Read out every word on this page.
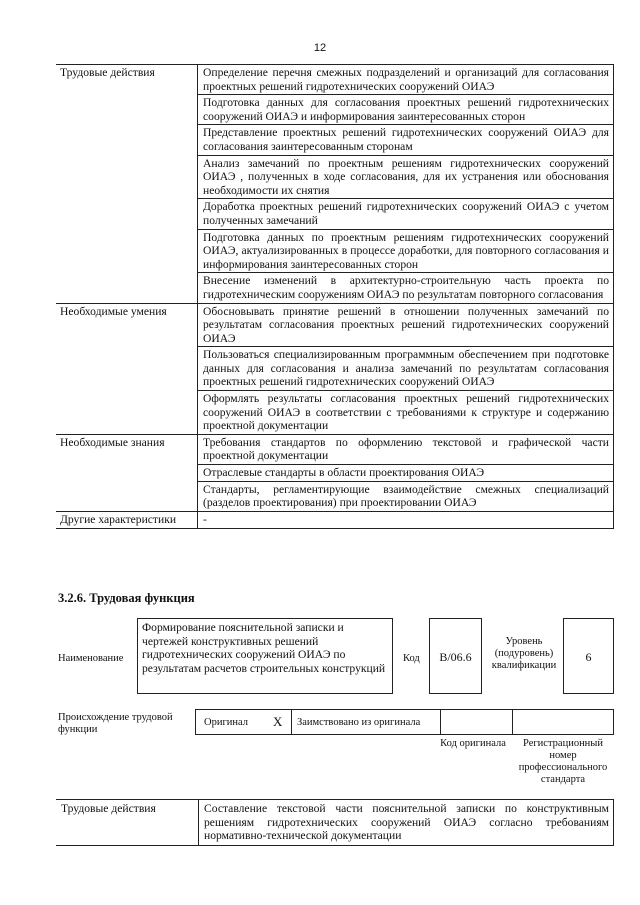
12
Трудовые действия	Определение перечня смежных подразделений и организаций для согласования проектных решений гидротехнических сооружений ОИАЭ
	Подготовка данных для согласования проектных решений гидротехнических сооружений ОИАЭ и информирования заинтересованных сторон
	Представление проектных решений гидротехнических сооружений ОИАЭ для согласования заинтересованным сторонам
	Анализ замечаний по проектным решениям гидротехнических сооружений ОИАЭ , полученных в ходе согласования, для их устранения или обоснования необходимости их снятия
	Доработка проектных решений гидротехнических сооружений ОИАЭ с учетом полученных замечаний
	Подготовка данных по проектным решениям гидротехнических сооружений ОИАЭ, актуализированных в процессе доработки, для повторного согласования и информирования заинтересованных сторон
	Внесение изменений в архитектурно-строительную часть проекта по гидротехническим сооружениям ОИАЭ по результатам повторного согласования
Необходимые умения	Обосновывать принятие решений в отношении полученных замечаний по результатам согласования проектных решений гидротехнических сооружений ОИАЭ
	Пользоваться специализированным программным обеспечением при подготовке данных для согласования и анализа замечаний по результатам согласования проектных решений гидротехнических сооружений ОИАЭ
	Оформлять результаты согласования проектных решений гидротехнических сооружений ОИАЭ в соответствии с требованиями к структуре и содержанию проектной документации
Необходимые знания	Требования стандартов по оформлению текстовой и графической части проектной документации
	Отраслевые стандарты в области проектирования ОИАЭ
	Стандарты, регламентирующие взаимодействие смежных специализаций (разделов проектирования) при проектировании ОИАЭ
Другие характеристики	-
3.2.6. Трудовая функция
Наименование
Формирование пояснительной записки и чертежей конструктивных решений гидротехнических сооружений ОИАЭ по результатам расчетов строительных конструкций
Код	B/06.6
Уровень (подуровень) квалификации
6
Происхождение трудовой функции
Оригинал X Заимствовано из оригинала
Код оригинала	Регистрационный номер профессионального стандарта
Трудовые действия	Составление текстовой части пояснительной записки по конструктивным решениям гидротехнических сооружений ОИАЭ согласно требованиям нормативно-технической документации
